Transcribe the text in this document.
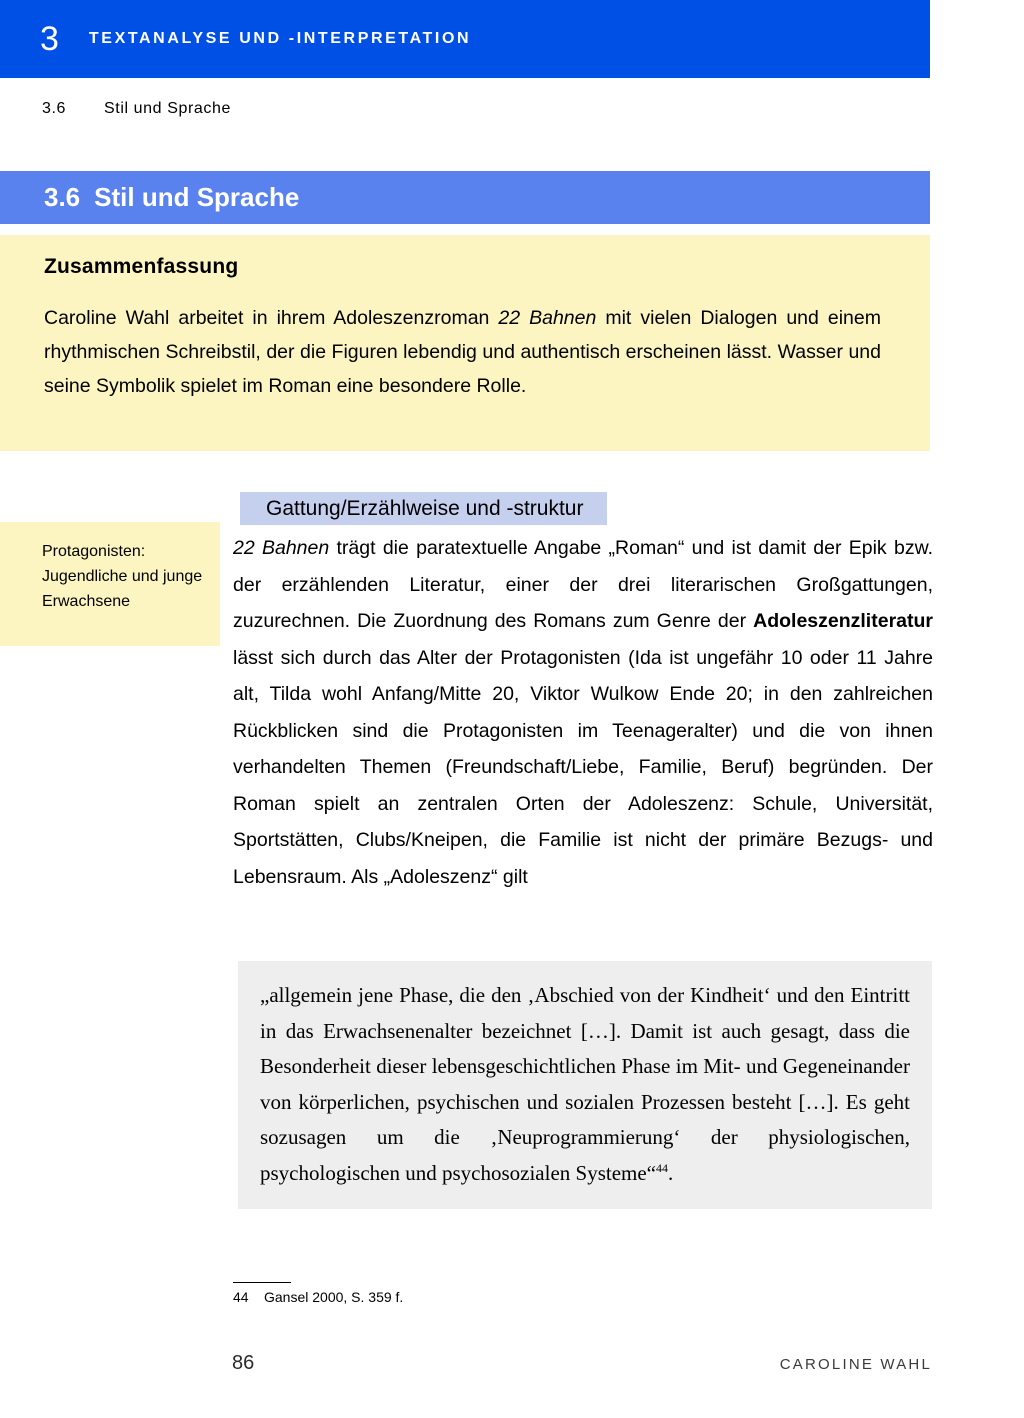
3 TEXTANALYSE UND -INTERPRETATION
3.6	Stil und Sprache
3.6 Stil und Sprache
Zusammenfassung

Caroline Wahl arbeitet in ihrem Adoleszenzroman 22 Bahnen mit vielen Dialogen und einem rhythmischen Schreibstil, der die Figuren lebendig und authentisch erscheinen lässt. Wasser und seine Symbolik spielet im Roman eine besondere Rolle.

Protagonisten: Jugendliche und junge Erwachsene
Gattung/Erzählweise und -struktur

22 Bahnen trägt die paratextuelle Angabe „Roman“ und ist damit der Epik bzw. der erzählenden Literatur, einer der drei literarischen Großgattungen, zuzurechnen. Die Zuordnung des Romans zum Genre der Adoleszenzliteratur lässt sich durch das Alter der Protagonisten (Ida ist ungefähr 10 oder 11 Jahre alt, Tilda wohl Anfang/Mitte 20, Viktor Wulkow Ende 20; in den zahlreichen Rückblicken sind die Protagonisten im Teenageralter) und die von ihnen verhandelten Themen (Freundschaft/Liebe, Familie, Beruf) begründen. Der Roman spielt an zentralen Orten der Adoleszenz: Schule, Universität, Sportstätten, Clubs/Kneipen, die Familie ist nicht der primäre Bezugs- und Lebensraum. Als „Adoleszenz“ gilt

„allgemein jene Phase, die den ‚Abschied von der Kindheit‘ und den Eintritt in das Erwachsenenalter bezeichnet […]. Damit ist auch gesagt, dass die Besonderheit dieser lebensgeschichtlichen Phase im Mit- und Gegeneinander von körperlichen, psychischen und sozialen Prozessen besteht […]. Es geht sozusagen um die ‚Neuprogrammierung‘ der physiologischen, psychologischen und psychosozialen Systeme“$^{44}$.

44	Gansel 2000, S. 359 f.
86	CAROLINE WAHL
